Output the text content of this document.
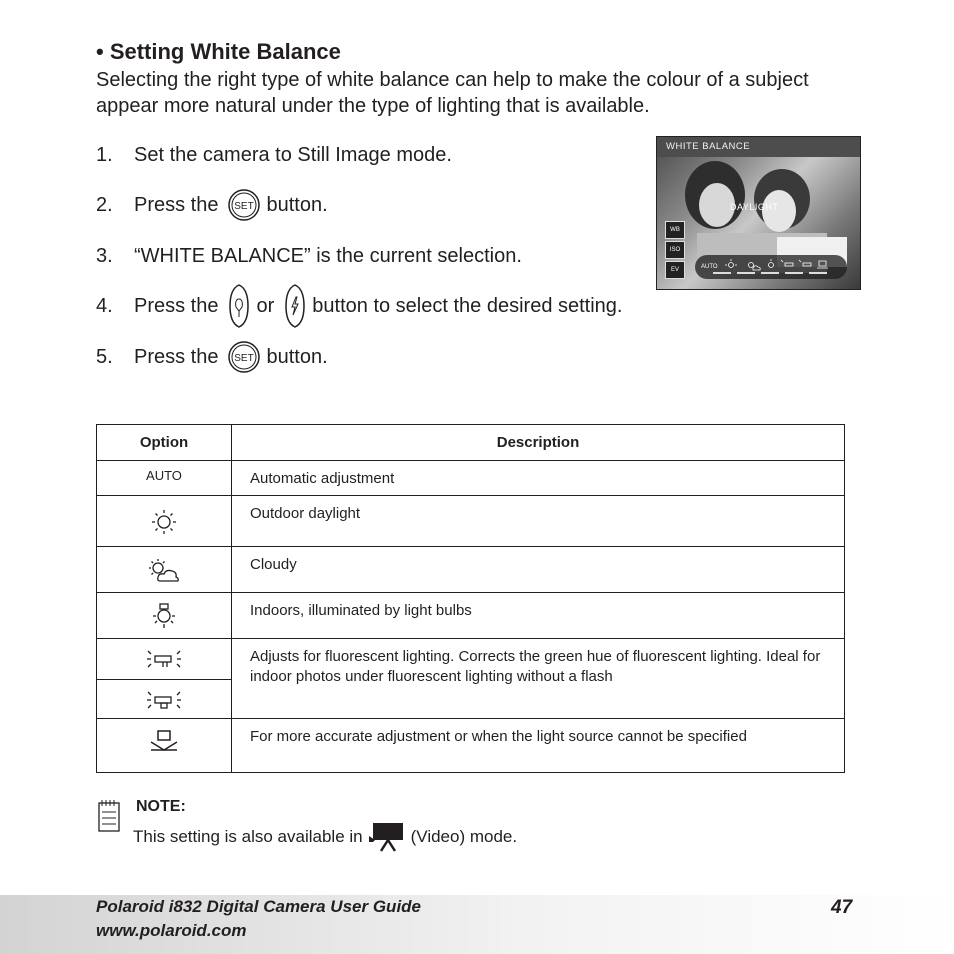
• Setting White Balance
Selecting the right type of white balance can help to make the colour of a subject appear more natural under the type of lighting that is available.
1.	Set the camera to Still Image mode.
2.	Press the SET button.
3.	“WHITE BALANCE” is the current selection.
4.	Press the or button to select the desired setting.
5.	Press the SET button.
WHITE BALANCE
DAYLIGHT
WB
ISO
EV	AUTO
Option	Description
AUTO	Automatic adjustment
	Outdoor daylight
	Cloudy
	Indoors, illuminated by light bulbs
	Adjusts for fluorescent lighting. Corrects the green hue of fluorescent lighting. Ideal for indoor photos under fluorescent lighting without a flash

	For more accurate adjustment or when the light source cannot be specified
NOTE:
This setting is also available in	(Video) mode.
Polaroid i832 Digital Camera User Guide
www.polaroid.com
47
